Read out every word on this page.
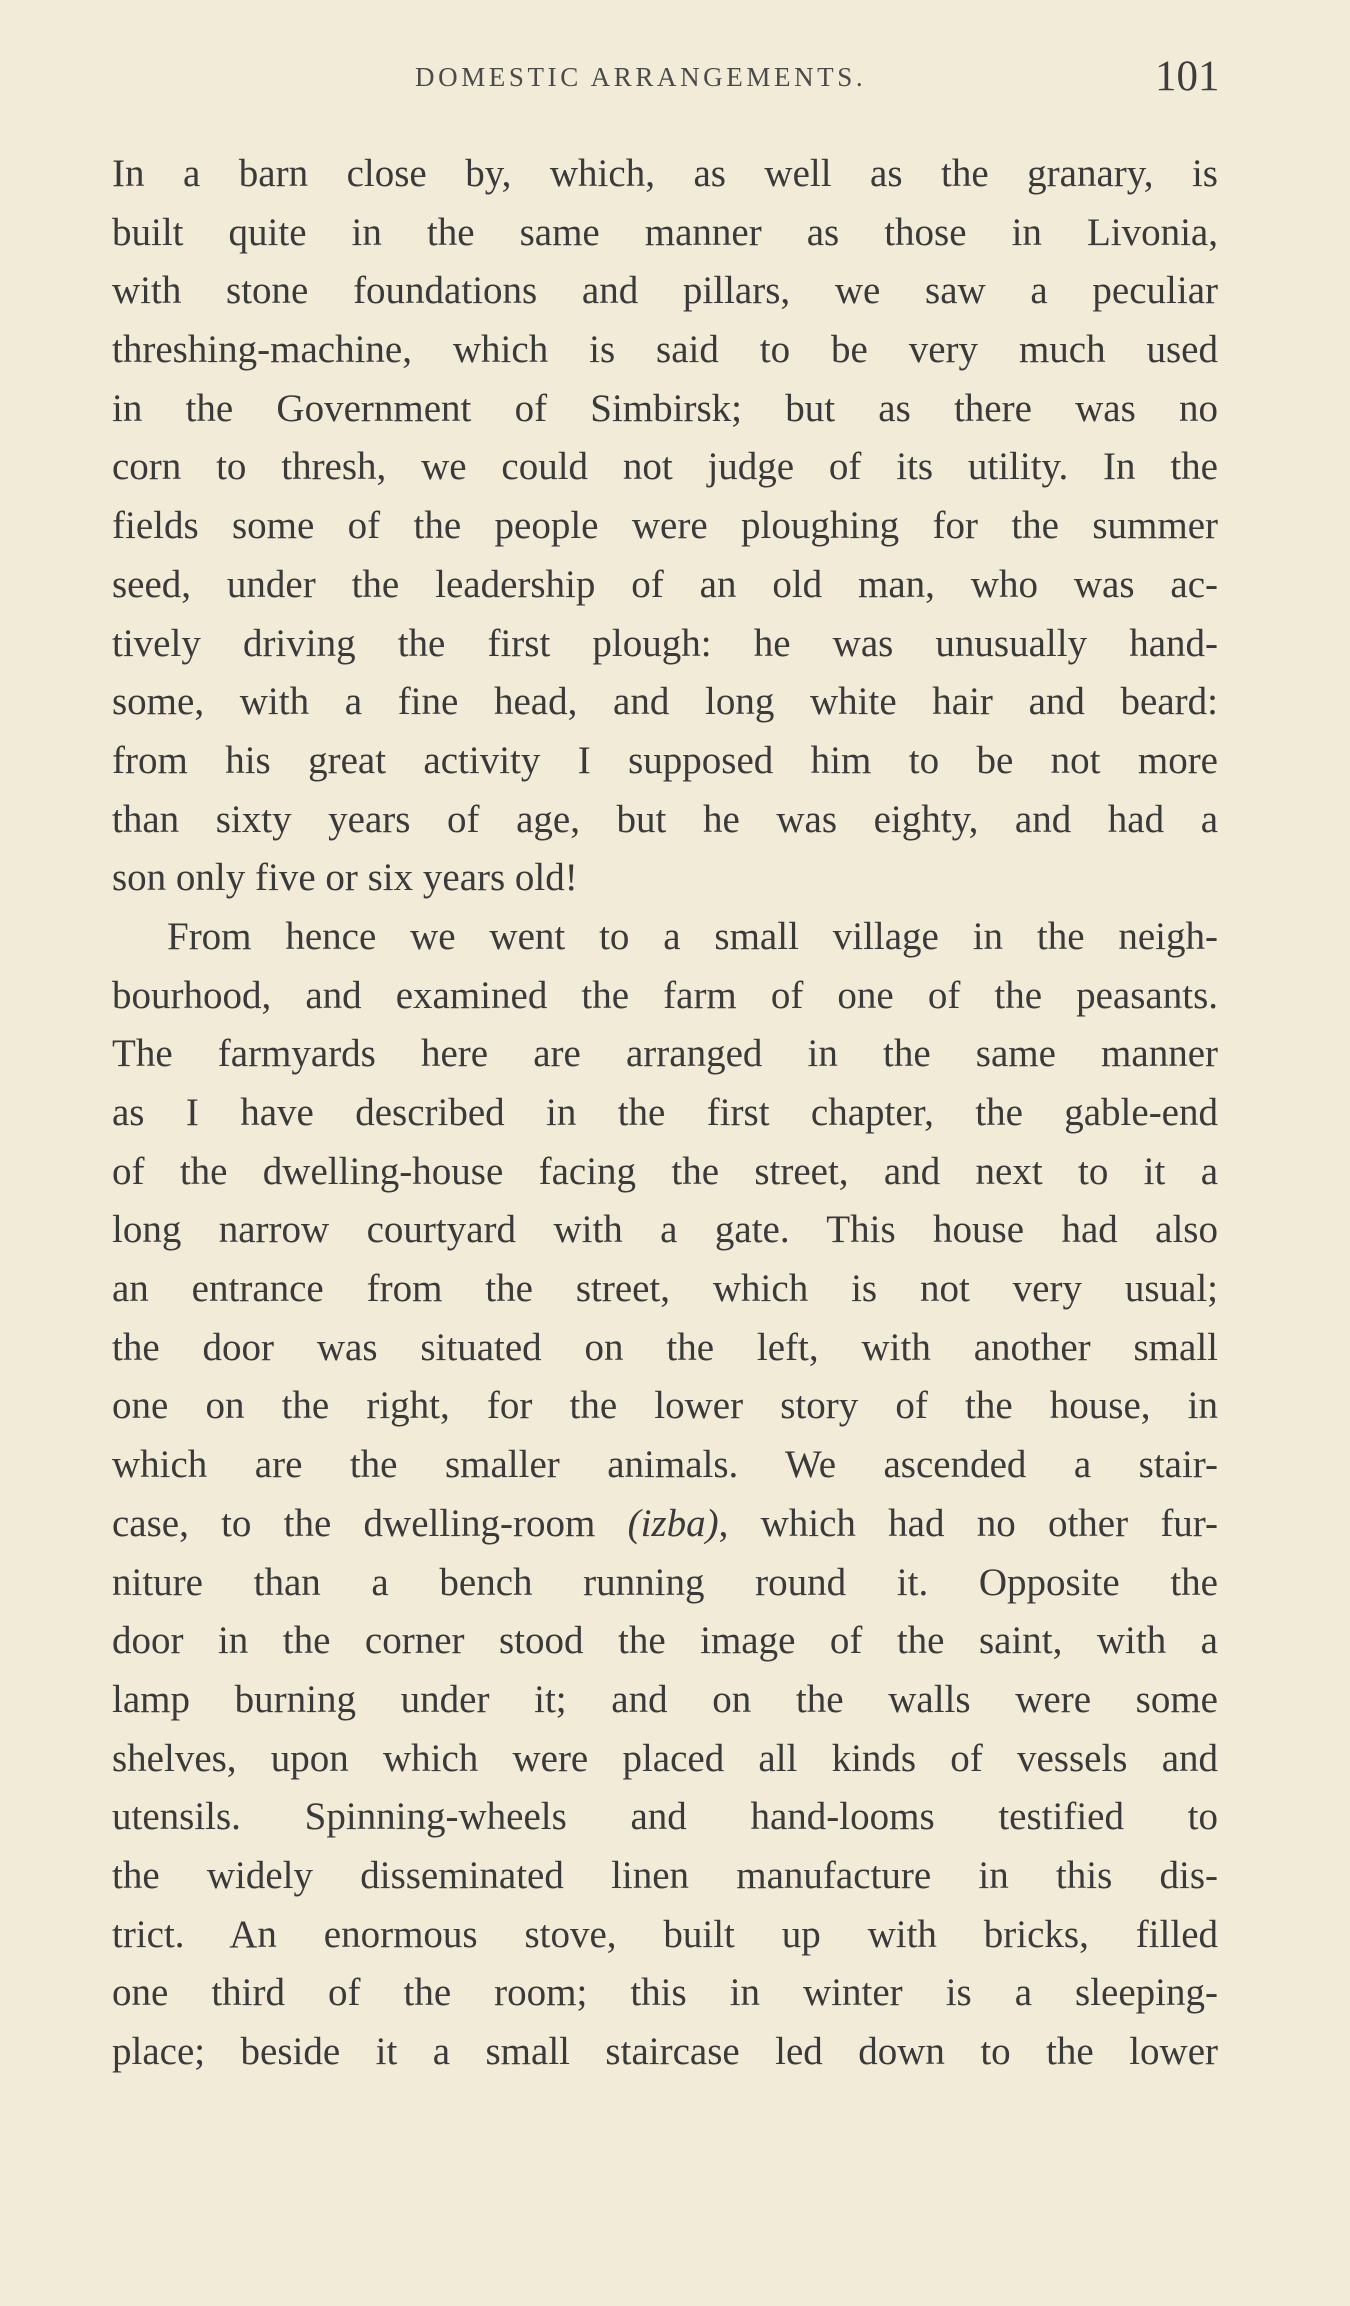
DOMESTIC ARRANGEMENTS.	101
In a barn close by, which, as well as the granary, is
built quite in the same manner as those in Livonia,
with stone foundations and pillars, we saw a peculiar
threshing-machine, which is said to be very much used
in the Government of Simbirsk; but as there was no
corn to thresh, we could not judge of its utility. In the
fields some of the people were ploughing for the summer
seed, under the leadership of an old man, who was ac-
tively driving the first plough: he was unusually hand-
some, with a fine head, and long white hair and beard:
from his great activity I supposed him to be not more
than sixty years of age, but he was eighty, and had a
son only five or six years old!
From hence we went to a small village in the neigh-
bourhood, and examined the farm of one of the peasants.
The farmyards here are arranged in the same manner
as I have described in the first chapter, the gable-end
of the dwelling-house facing the street, and next to it a
long narrow courtyard with a gate. This house had also
an entrance from the street, which is not very usual;
the door was situated on the left, with another small
one on the right, for the lower story of the house, in
which are the smaller animals. We ascended a stair-
case, to the dwelling-room (izba), which had no other fur-
niture than a bench running round it. Opposite the
door in the corner stood the image of the saint, with a
lamp burning under it; and on the walls were some
shelves, upon which were placed all kinds of vessels and
utensils. Spinning-wheels and hand-looms testified to
the widely disseminated linen manufacture in this dis-
trict. An enormous stove, built up with bricks, filled
one third of the room; this in winter is a sleeping-
place; beside it a small staircase led down to the lower
